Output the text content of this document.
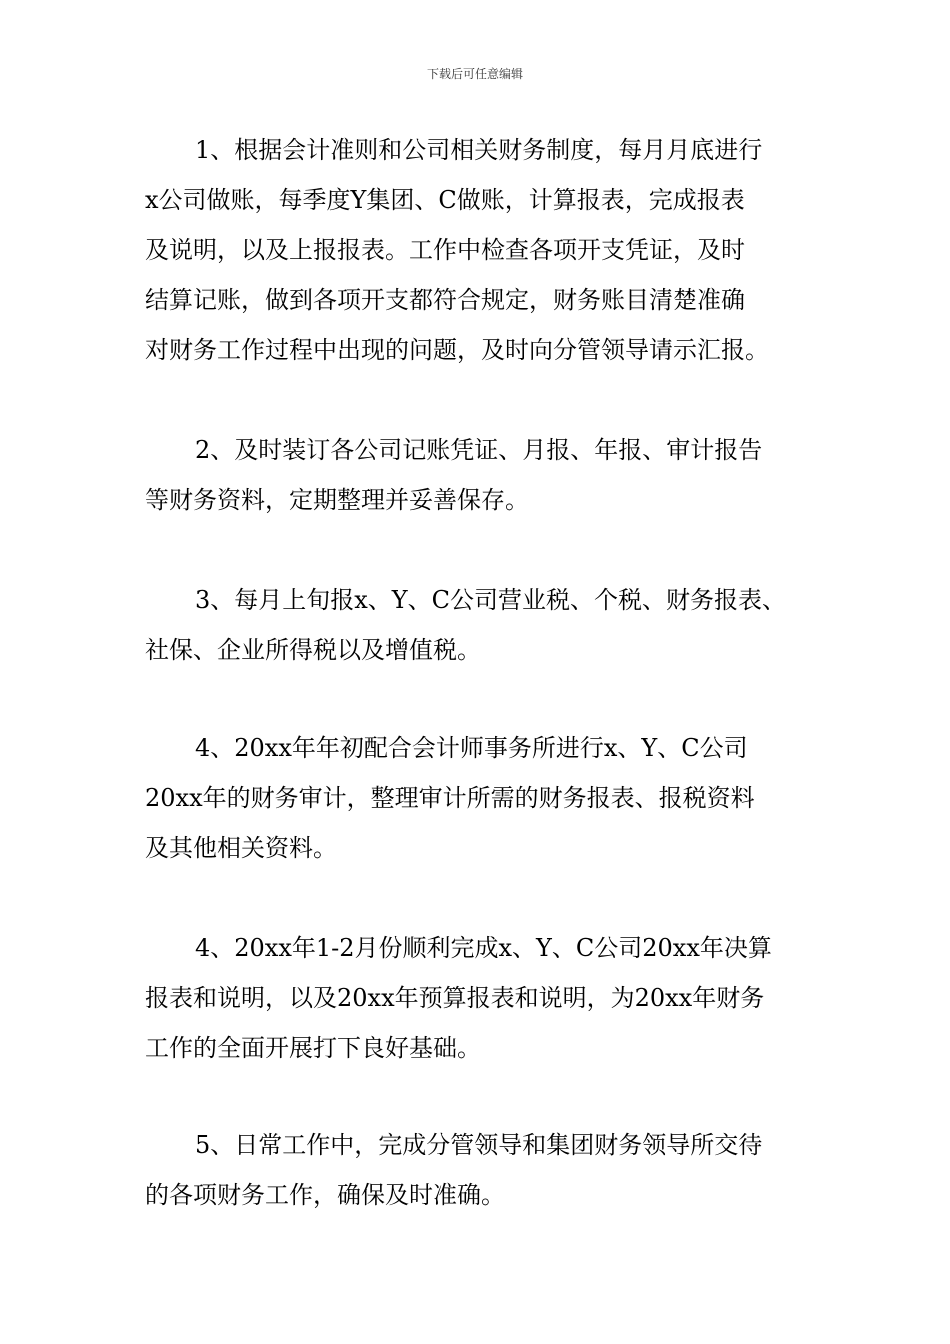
下载后可任意编辑
1、根据会计准则和公司相关财务制度，每月月底进行
x公司做账，每季度Y集团、C做账，计算报表，完成报表
及说明，以及上报报表。工作中检查各项开支凭证，及时
结算记账，做到各项开支都符合规定，财务账目清楚准确
对财务工作过程中出现的问题，及时向分管领导请示汇报。
2、及时装订各公司记账凭证、月报、年报、审计报告
等财务资料，定期整理并妥善保存。
3、每月上旬报x、Y、C公司营业税、个税、财务报表、
社保、企业所得税以及增值税。
4、20xx年年初配合会计师事务所进行x、Y、C公司
20xx年的财务审计，整理审计所需的财务报表、报税资料
及其他相关资料。
4、20xx年1-2月份顺利完成x、Y、C公司20xx年决算
报表和说明，以及20xx年预算报表和说明，为20xx年财务
工作的全面开展打下良好基础。
5、日常工作中，完成分管领导和集团财务领导所交待
的各项财务工作，确保及时准确。
